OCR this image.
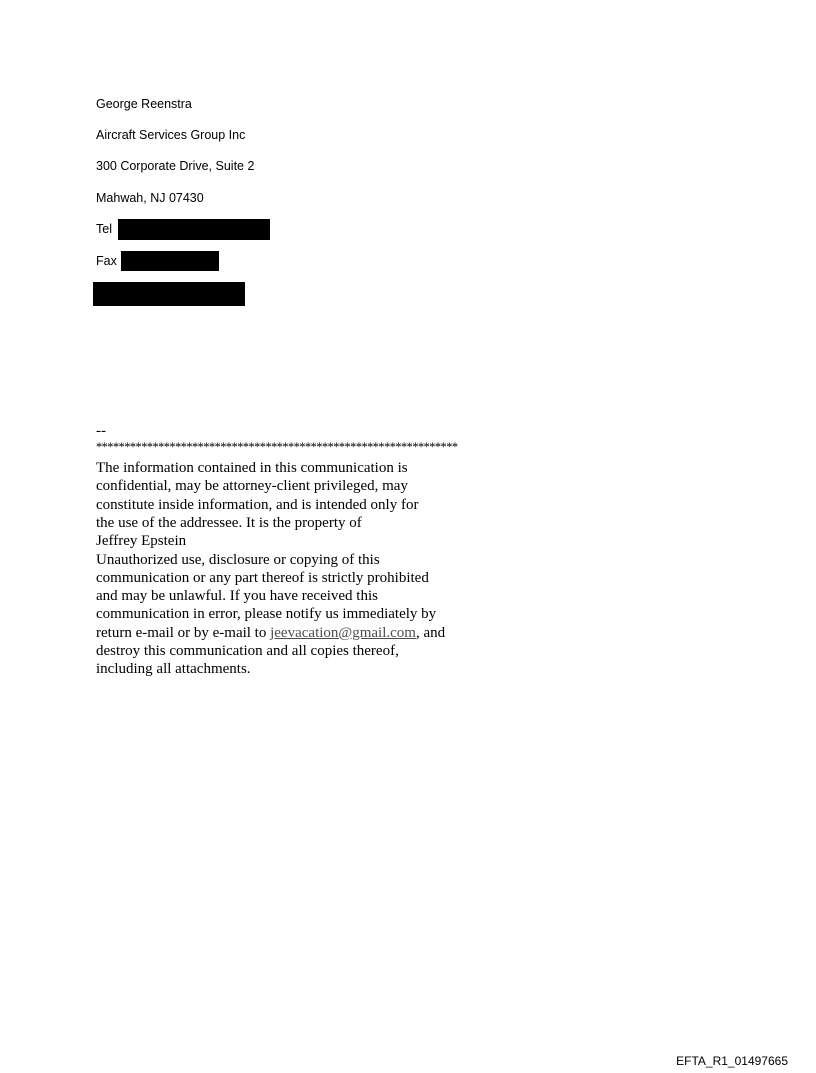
George Reenstra
Aircraft Services Group Inc
300 Corporate Drive, Suite 2
Mahwah, NJ 07430
Tel
Fax
--
****************************************************************
The information contained in this communication is
confidential, may be attorney-client privileged, may
constitute inside information, and is intended only for
the use of the addressee. It is the property of
Jeffrey Epstein
Unauthorized use, disclosure or copying of this
communication or any part thereof is strictly prohibited
and may be unlawful. If you have received this
communication in error, please notify us immediately by
return e-mail or by e-mail to jeevacation@gmail.com, and
destroy this communication and all copies thereof,
including all attachments.
EFTA_R1_01497665
